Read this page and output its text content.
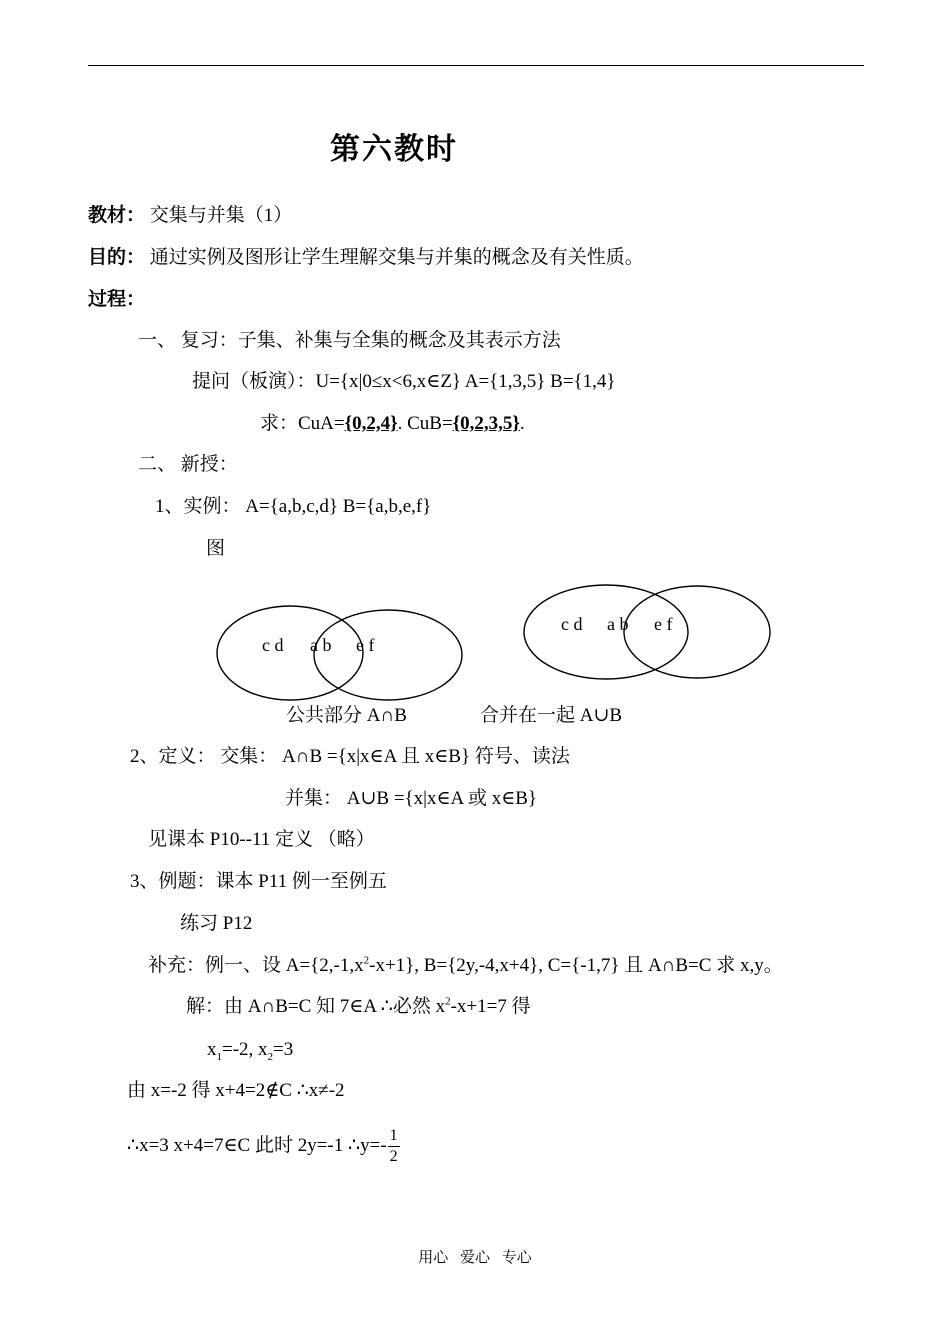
第六教时
教材： 交集与并集（1）
目的： 通过实例及图形让学生理解交集与并集的概念及有关性质。
过程：
一、 复习：子集、补集与全集的概念及其表示方法
提问（板演）：U={x|0≤x<6,x∈Z} A={1,3,5} B={1,4}
求：CuA={0,2,4}. CuB={0,2,3,5}.
二、 新授：
1、实例： A={a,b,c,d} B={a,b,e,f}
图
c d a b e f
c d a b e f
公共部分 A∩B	合并在一起 A∪B
2、定义： 交集： A∩B ={x|x∈A 且 x∈B} 符号、读法
并集： A∪B ={x|x∈A 或 x∈B}
见课本 P10--11 定义 （略）
3、例题：课本 P11 例一至例五
练习 P12
补充：例一、设 $A=\{2,-1,x^2-x+1\}$, B={2y,-4,x+4}, C={-1,7} 且 A∩B=C 求 x,y。
解：由 A∩B=C 知 7∈A ∴必然 $x^2-x+1=7$ 得
$x_1=-2$, $x_2=3$
由 x=-2 得 x+4=2∉C ∴x≠-2
∴x=3 x+4=7∈C 此时 2y=-1 ∴y=- $\frac{1}{2}$
用心 爱心 专心
